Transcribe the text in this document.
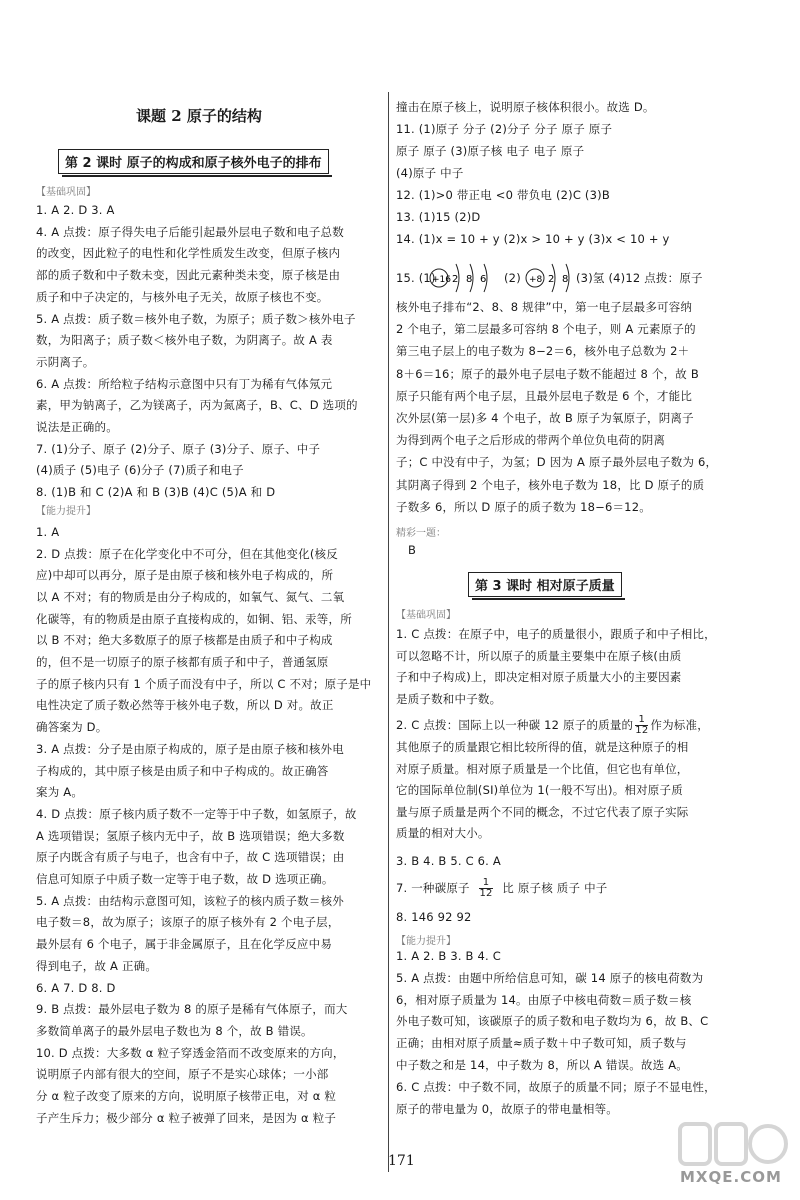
课题 2 原子的结构
第 2 课时 原子的构成和原子核外电子的排布
【基础巩固】
【能力提升】
1. A 2. D 3. A
4. A 点拨：原子得失电子后能引起最外层电子数和电子总数
的改变，因此粒子的电性和化学性质发生改变，但原子核内
部的质子数和中子数未变，因此元素种类未变，原子核是由
质子和中子决定的，与核外电子无关，故原子核也不变。
5. A 点拨：质子数＝核外电子数，为原子；质子数＞核外电子
数，为阳离子；质子数＜核外电子数，为阴离子。故 A 表
示阴离子。
6. A 点拨：所给粒子结构示意图中只有丁为稀有气体氖元
素，甲为钠离子，乙为镁离子，丙为氮离子，B、C、D 选项的
说法是正确的。
7. (1)分子、原子 (2)分子、原子 (3)分子、原子、中子
(4)质子 (5)电子 (6)分子 (7)质子和电子
8. (1)B 和 C (2)A 和 B (3)B (4)C (5)A 和 D
1. A
2. D 点拨：原子在化学变化中不可分，但在其他变化(核反
应)中却可以再分，原子是由原子核和核外电子构成的，所
以 A 不对；有的物质是由分子构成的，如氧气、氮气、二氧
化碳等，有的物质是由原子直接构成的，如铜、铝、汞等，所
以 B 不对；绝大多数原子的原子核都是由质子和中子构成
的，但不是一切原子的原子核都有质子和中子，普通氢原
子的原子核内只有 1 个质子而没有中子，所以 C 不对；原子是中
电性决定了质子数必然等于核外电子数，所以 D 对。故正
确答案为 D。
3. A 点拨：分子是由原子构成的，原子是由原子核和核外电
子构成的，其中原子核是由质子和中子构成的。故正确答
案为 A。
4. D 点拨：原子核内质子数不一定等于中子数，如氢原子，故
A 选项错误；氢原子核内无中子，故 B 选项错误；绝大多数
原子内既含有质子与电子，也含有中子，故 C 选项错误；由
信息可知原子中质子数一定等于电子数，故 D 选项正确。
5. A 点拨：由结构示意图可知，该粒子的核内质子数＝核外
电子数＝8，故为原子；该原子的原子核外有 2 个电子层，
最外层有 6 个电子，属于非金属原子，且在化学反应中易
得到电子，故 A 正确。
6. A 7. D 8. D
9. B 点拨：最外层电子数为 8 的原子是稀有气体原子，而大
多数简单离子的最外层电子数也为 8 个，故 B 错误。
10. D 点拨：大多数 α 粒子穿透金箔而不改变原来的方向，
说明原子内部有很大的空间，原子不是实心球体；一小部
分 α 粒子改变了原来的方向，说明原子核带正电，对 α 粒
子产生斥力；极少部分 α 粒子被弹了回来，是因为 α 粒子
撞击在原子核上，说明原子核体积很小。故选 D。
11. (1)原子 分子 (2)分子 分子 原子 原子
原子 原子 (3)原子核 电子 电子 原子
(4)原子 中子
12. (1)>0 带正电 <0 带负电 (2)C (3)B
13. (1)15 (2)D
14. (1)x = 10 + y (2)x > 10 + y (3)x < 10 + y
15. (1)
+16 2 8 6 (2) +8 2 8 (3)氢 (4)12 点拨：原子
核外电子排布“2、8、8 规律”中，第一电子层最多可容纳
2 个电子，第二层最多可容纳 8 个电子，则 A 元素原子的
第三电子层上的电子数为 8−2＝6，核外电子总数为 2＋
8＋6＝16；原子的最外电子层电子数不能超过 8 个，故 B
原子只能有两个电子层，且最外层电子数是 6 个，才能比
次外层(第一层)多 4 个电子，故 B 原子为氧原子，阴离子
为得到两个电子之后形成的带两个单位负电荷的阴离
子；C 中没有中子，为氢；D 因为 A 原子最外层电子数为 6，
其阴离子得到 2 个电子，核外电子数为 18，比 D 原子的质
子数多 6，所以 D 原子的质子数为 18−6＝12。
精彩一题：
B
第 3 课时 相对原子质量
【基础巩固】
1. C 点拨：在原子中，电子的质量很小，跟质子和中子相比，
可以忽略不计，所以原子的质量主要集中在原子核(由质
子和中子构成)上，即决定相对原子质量大小的主要因素
是质子数和中子数。
2. C 点拨：国际上以一种碳 12 原子的质量的 $\frac{1}{12}$ 作为标准，
其他原子的质量跟它相比较所得的值，就是这种原子的相
对原子质量。相对原子质量是一个比值，但它也有单位，
它的国际单位制(SI)单位为 1(一般不写出)。相对原子质
量与原子质量是两个不同的概念，不过它代表了原子实际
质量的相对大小。
3. B 4. B 5. C 6. A
7. 一种碳原子 $\frac{1}{12}$ 比 原子核 质子 中子
8. 146 92 92
【能力提升】
1. A 2. B 3. B 4. C
5. A 点拨：由题中所给信息可知，碳 14 原子的核电荷数为
6，相对原子质量为 14。由原子中核电荷数＝质子数＝核
外电子数可知，该碳原子的质子数和电子数均为 6，故 B、C
正确；由相对原子质量≈质子数＋中子数可知，质子数与
中子数之和是 14，中子数为 8，所以 A 错误。故选 A。
6. C 点拨：中子数不同，故原子的质量不同；原子不显电性，
原子的带电量为 0，故原子的带电量相等。
171
MXQE.COM
